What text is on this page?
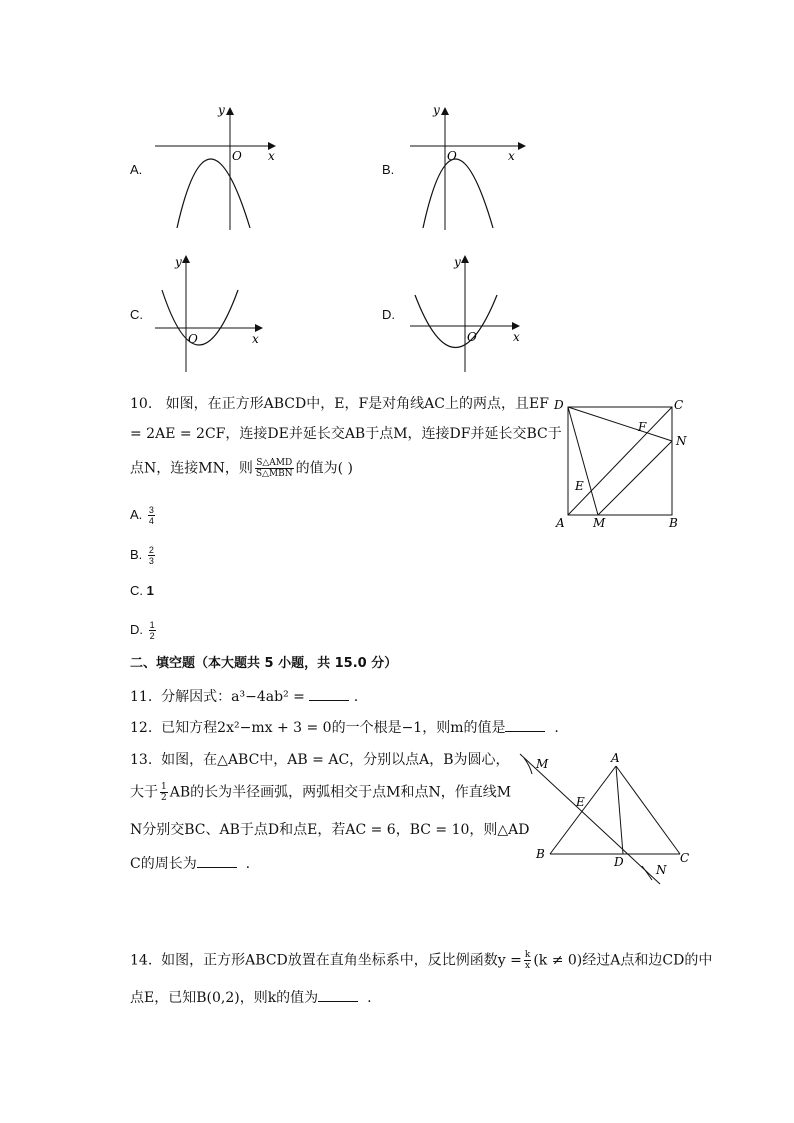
A.
y
x
O
B.
y
x
O
C.
y
x
O
D.
y
x
O
10. 如图，在正方形ABCD中，E，F是对角线AC上的两点，且EF
= 2AE = 2CF，连接DE并延长交AB于点M，连接DF并延长交BC于
点N，连接MN，则 $\frac{\text{S△AMD}}{\text{S△MBN}}$ 的值为( )
A. $\frac{3}{4}$
B. $\frac{2}{3}$
C. 1
D. $\frac{1}{2}$
D	C
N
F
E
A M	B
二、填空题（本大题共 5 小题，共 15.0 分）
11. 分解因式：a³−4ab² =	.
12. 已知方程2x²−mx + 3 = 0的一个根是−1，则m的值是	.
13. 如图，在△ABC中，AB = AC，分别以点A，B为圆心，
大于 $\frac{1}{2}$ AB的长为半径画弧，两弧相交于点M和点N，作直线M
N分别交BC、AB于点D和点E，若AC = 6，BC = 10，则△AD
C的周长为	.
M	A
E
B
D	C
N
14. 如图，正方形ABCD放置在直角坐标系中，反比例函数$y = \frac{k}{x} (k \ne 0)$经过A点和边CD的中
点E，已知B(0,2)，则k的值为	.
